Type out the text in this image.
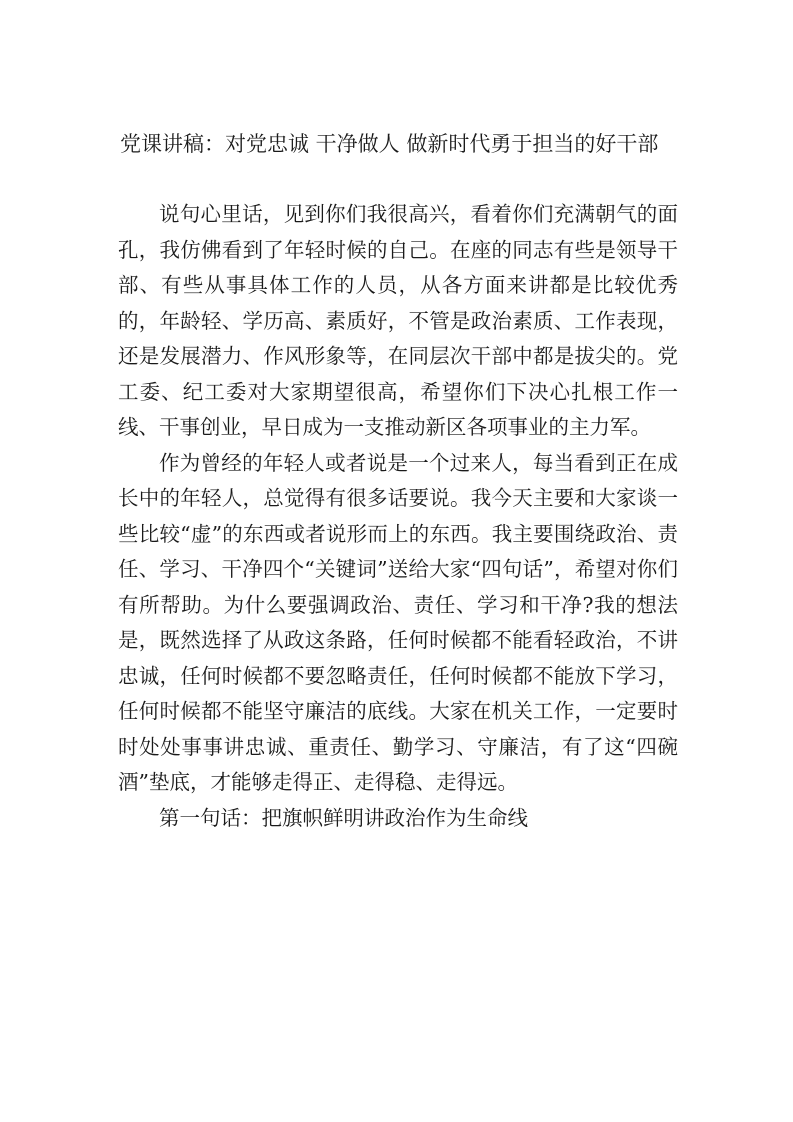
党课讲稿：对党忠诚 干净做人 做新时代勇于担当的好干部

说句心里话，见到你们我很高兴，看着你们充满朝气的面孔，我仿佛看到了年轻时候的自己。在座的同志有些是领导干部、有些从事具体工作的人员，从各方面来讲都是比较优秀的，年龄轻、学历高、素质好，不管是政治素质、工作表现，还是发展潜力、作风形象等，在同层次干部中都是拔尖的。党工委、纪工委对大家期望很高，希望你们下决心扎根工作一线、干事创业，早日成为一支推动新区各项事业的主力军。

作为曾经的年轻人或者说是一个过来人，每当看到正在成长中的年轻人，总觉得有很多话要说。我今天主要和大家谈一些比较“虚”的东西或者说形而上的东西。我主要围绕政治、责任、学习、干净四个“关键词”送给大家“四句话”，希望对你们有所帮助。为什么要强调政治、责任、学习和干净?我的想法是，既然选择了从政这条路，任何时候都不能看轻政治，不讲忠诚，任何时候都不要忽略责任，任何时候都不能放下学习，任何时候都不能坚守廉洁的底线。大家在机关工作，一定要时时处处事事讲忠诚、重责任、勤学习、守廉洁，有了这“四碗酒”垫底，才能够走得正、走得稳、走得远。

第一句话：把旗帜鲜明讲政治作为生命线
